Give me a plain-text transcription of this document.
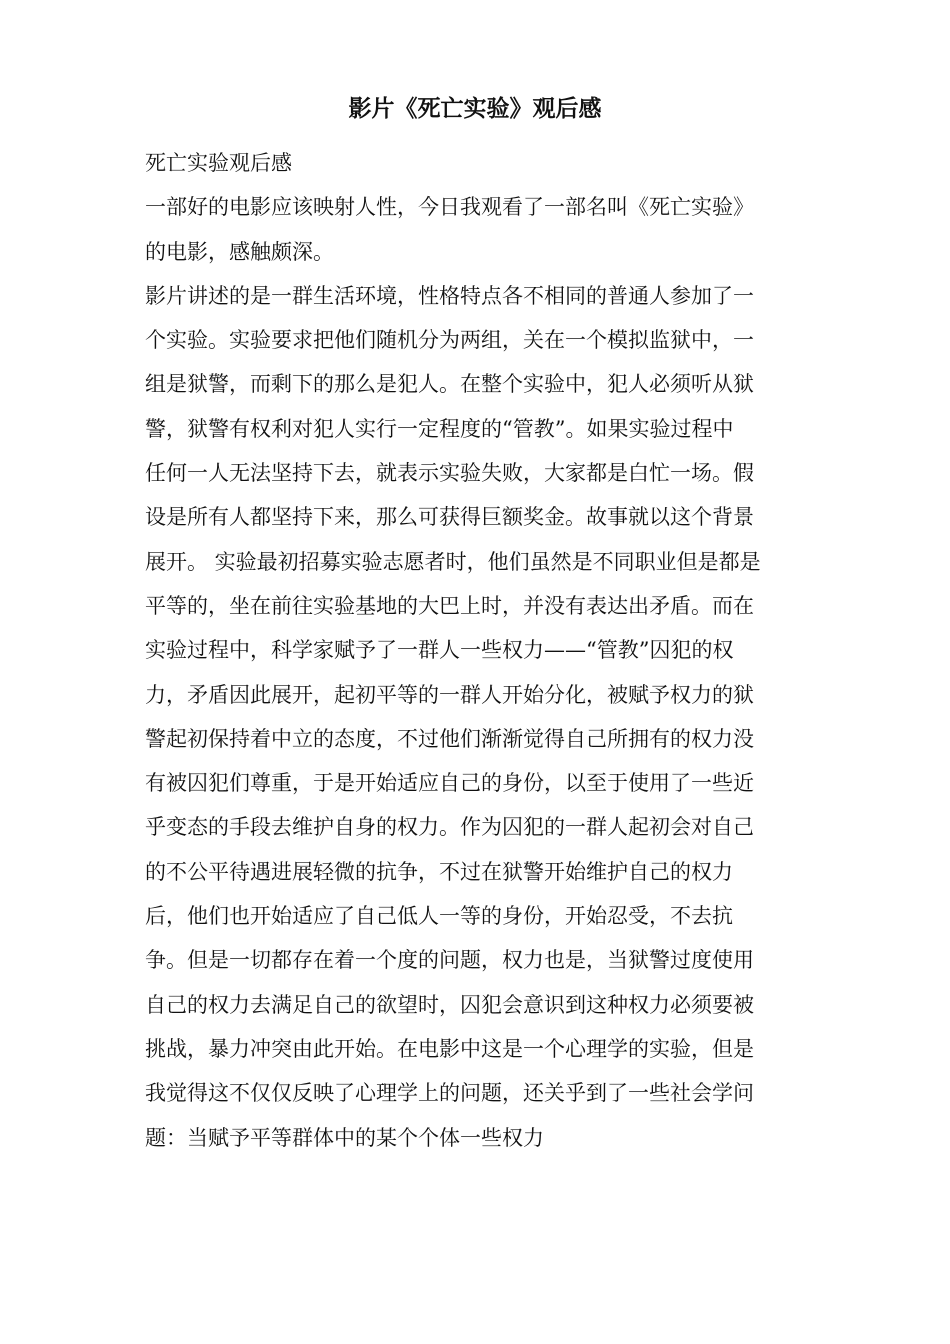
影片《死亡实验》观后感
死亡实验观后感
一部好的电影应该映射人性，今日我观看了一部名叫《死亡实验》
的电影，感触颇深。
影片讲述的是一群生活环境，性格特点各不相同的普通人参加了一
个实验。实验要求把他们随机分为两组，关在一个模拟监狱中，一
组是狱警，而剩下的那么是犯人。在整个实验中，犯人必须听从狱
警，狱警有权利对犯人实行一定程度的“管教”。如果实验过程中
任何一人无法坚持下去，就表示实验失败，大家都是白忙一场。假
设是所有人都坚持下来，那么可获得巨额奖金。故事就以这个背景
展开。 实验最初招募实验志愿者时，他们虽然是不同职业但是都是
平等的，坐在前往实验基地的大巴上时，并没有表达出矛盾。而在
实验过程中，科学家赋予了一群人一些权力——“管教”囚犯的权
力，矛盾因此展开，起初平等的一群人开始分化，被赋予权力的狱
警起初保持着中立的态度，不过他们渐渐觉得自己所拥有的权力没
有被囚犯们尊重，于是开始适应自己的身份，以至于使用了一些近
乎变态的手段去维护自身的权力。作为囚犯的一群人起初会对自己
的不公平待遇进展轻微的抗争，不过在狱警开始维护自己的权力
后，他们也开始适应了自己低人一等的身份，开始忍受，不去抗
争。但是一切都存在着一个度的问题，权力也是，当狱警过度使用
自己的权力去满足自己的欲望时，囚犯会意识到这种权力必须要被
挑战，暴力冲突由此开始。在电影中这是一个心理学的实验，但是
我觉得这不仅仅反映了心理学上的问题，还关乎到了一些社会学问
题：当赋予平等群体中的某个个体一些权力
